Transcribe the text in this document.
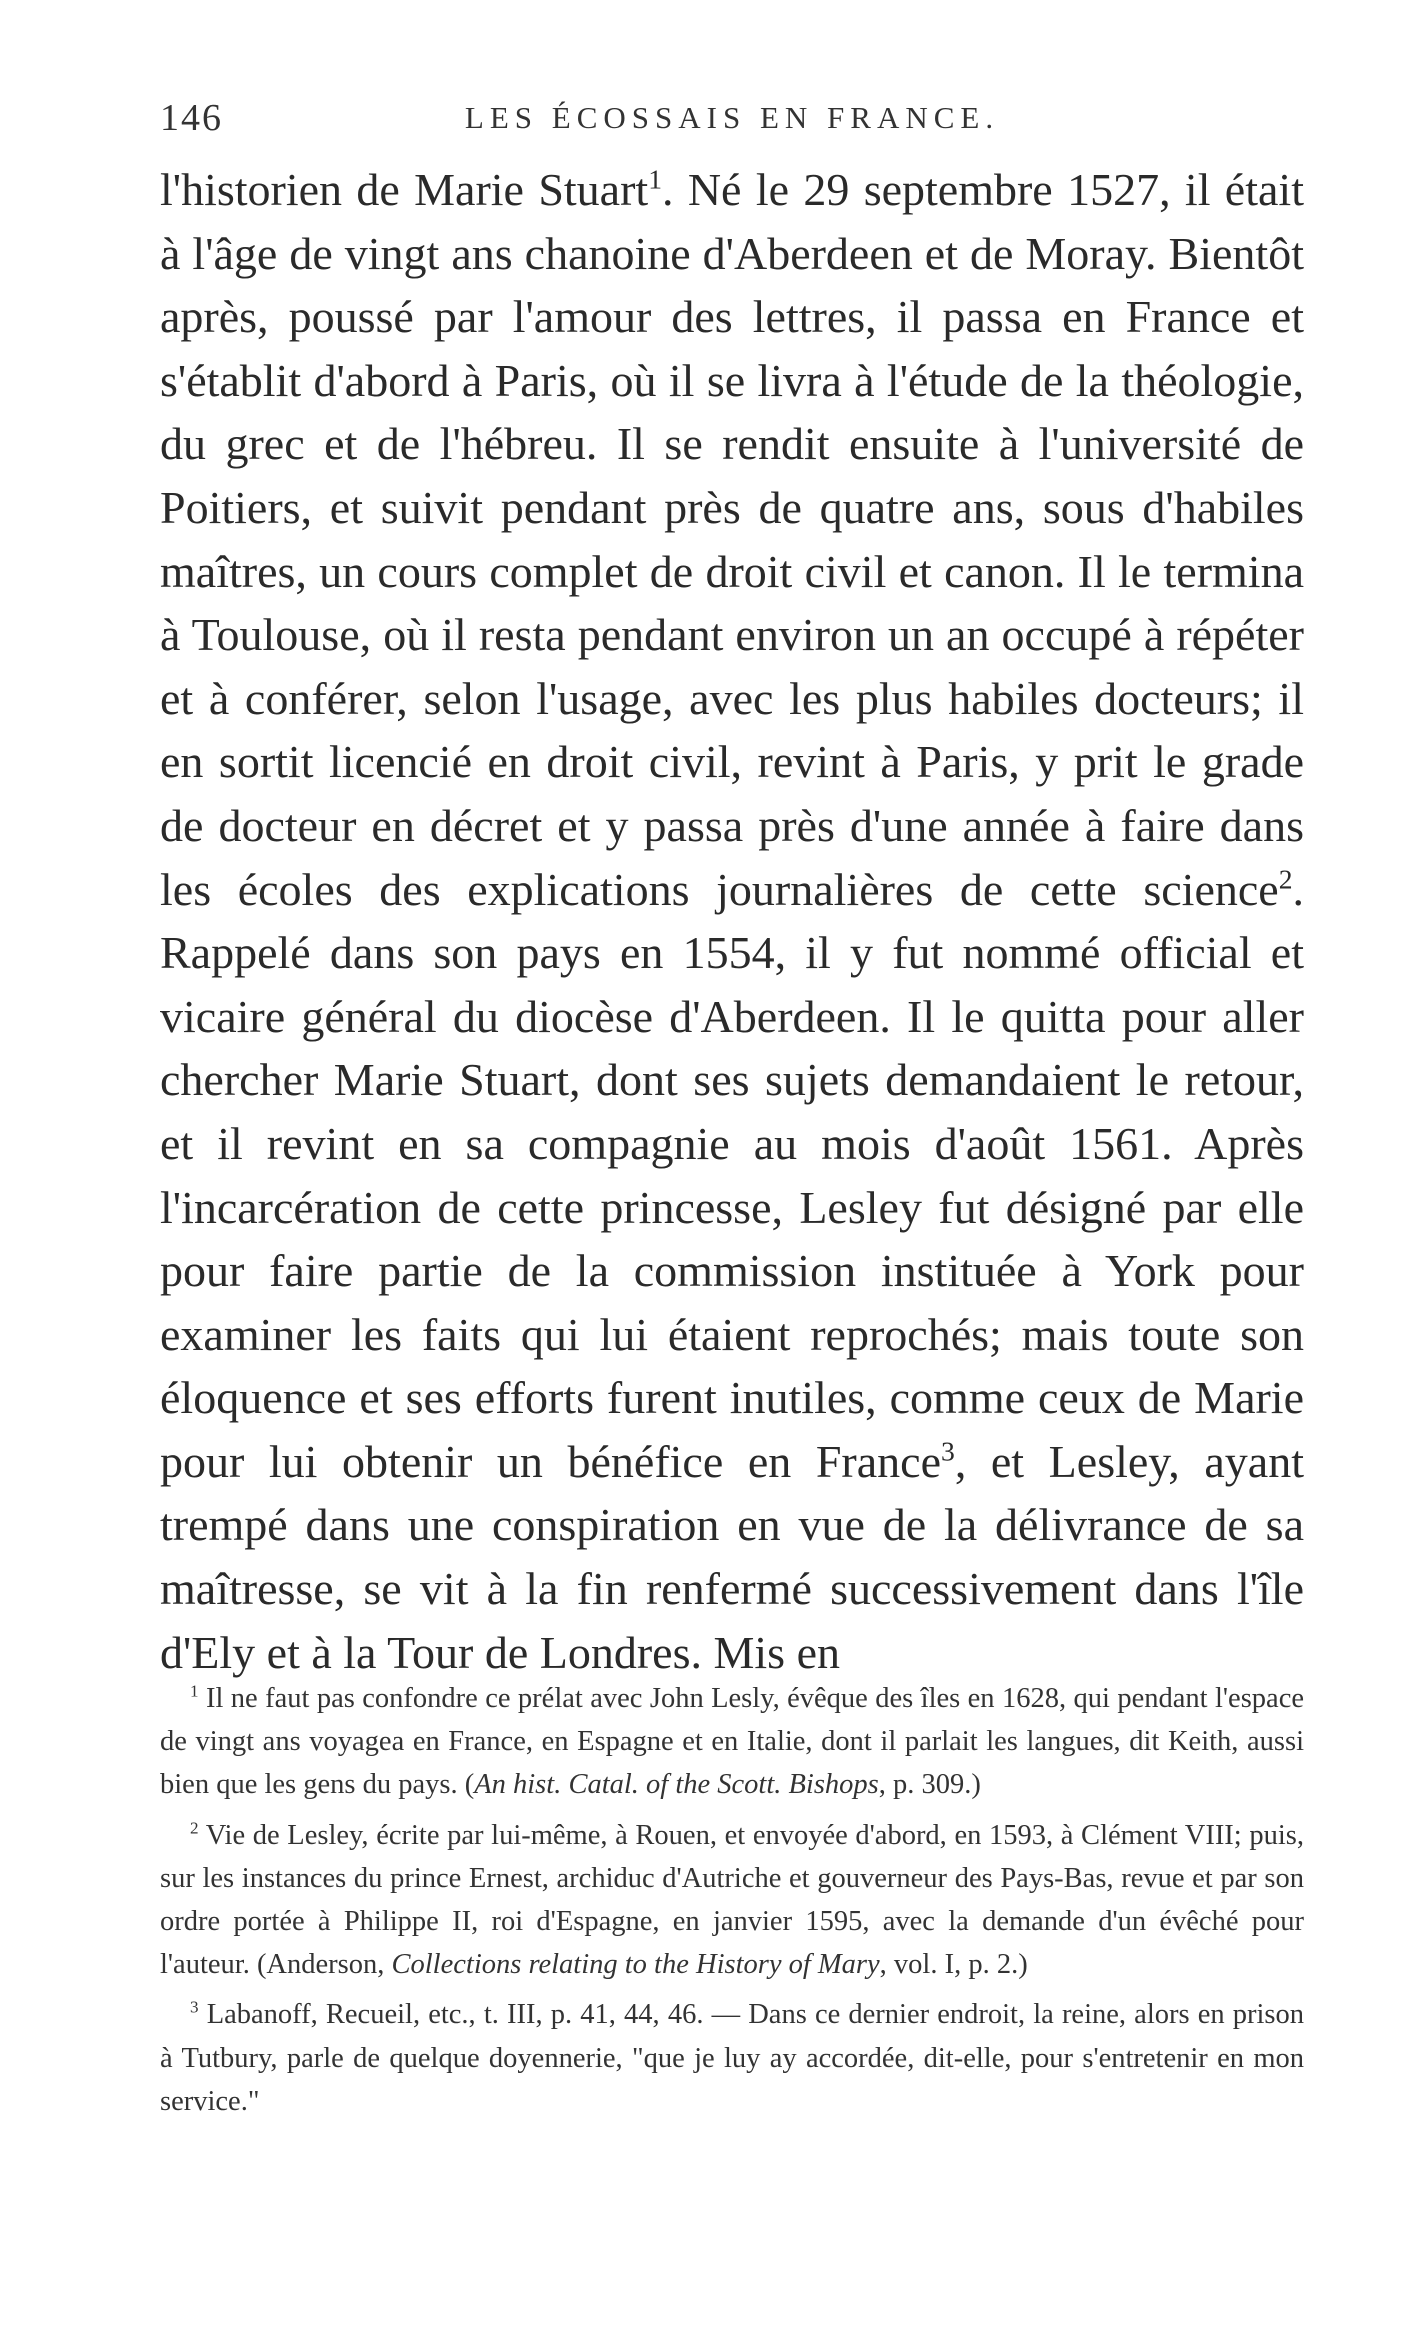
146	LES ÉCOSSAIS EN FRANCE.
l'historien de Marie Stuart$^1$. Né le 29 septembre 1527, il était à l'âge de vingt ans chanoine d'Aberdeen et de Moray. Bientôt après, poussé par l'amour des lettres, il passa en France et s'établit d'abord à Paris, où il se livra à l'étude de la théologie, du grec et de l'hébreu. Il se rendit ensuite à l'université de Poitiers, et suivit pendant près de quatre ans, sous d'habiles maîtres, un cours complet de droit civil et canon. Il le termina à Toulouse, où il resta pendant environ un an occupé à répéter et à conférer, selon l'usage, avec les plus habiles docteurs; il en sortit licencié en droit civil, revint à Paris, y prit le grade de docteur en décret et y passa près d'une année à faire dans les écoles des explications journalières de cette science$^2$. Rappelé dans son pays en 1554, il y fut nommé official et vicaire général du diocèse d'Aberdeen. Il le quitta pour aller chercher Marie Stuart, dont ses sujets demandaient le retour, et il revint en sa compagnie au mois d'août 1561. Après l'incarcération de cette princesse, Lesley fut désigné par elle pour faire partie de la commission instituée à York pour examiner les faits qui lui étaient reprochés; mais toute son éloquence et ses efforts furent inutiles, comme ceux de Marie pour lui obtenir un bénéfice en France$^3$, et Lesley, ayant trempé dans une conspiration en vue de la délivrance de sa maîtresse, se vit à la fin renfermé successivement dans l'île d'Ely et à la Tour de Londres. Mis en

$^1$ Il ne faut pas confondre ce prélat avec John Lesly, évêque des îles en 1628, qui pendant l'espace de vingt ans voyagea en France, en Espagne et en Italie, dont il parlait les langues, dit Keith, aussi bien que les gens du pays. (An hist. Catal. of the Scott. Bishops, p. 309.)

$^2$ Vie de Lesley, écrite par lui-même, à Rouen, et envoyée d'abord, en 1593, à Clément VIII; puis, sur les instances du prince Ernest, archiduc d'Autriche et gouverneur des Pays-Bas, revue et par son ordre portée à Philippe II, roi d'Espagne, en janvier 1595, avec la demande d'un évêché pour l'auteur. (Anderson, Collections relating to the History of Mary, vol. I, p. 2.)

$^3$ Labanoff, Recueil, etc., t. III, p. 41, 44, 46. — Dans ce dernier endroit, la reine, alors en prison à Tutbury, parle de quelque doyennerie, "que je luy ay accordée, dit-elle, pour s'entretenir en mon service."
